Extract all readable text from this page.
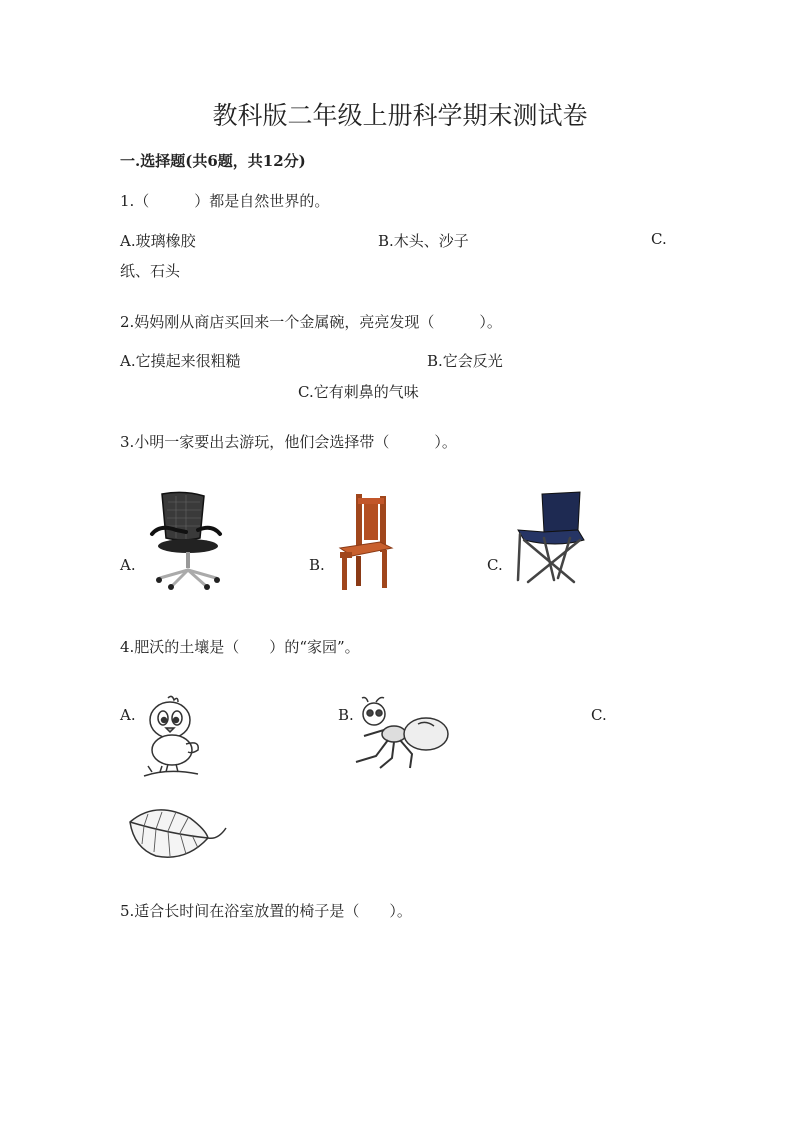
教科版二年级上册科学期末测试卷
一.选择题(共6题，共12分)
1.（　　　）都是自然世界的。
A.玻璃橡胶	B.木头、沙子	C.
纸、石头
2.妈妈刚从商店买回来一个金属碗，亮亮发现（　　　）。
A.它摸起来很粗糙	B.它会反光
C.它有刺鼻的气味
3.小明一家要出去游玩，他们会选择带（　　　）。
A.	B.	C.
4.肥沃的土壤是（　　）的“家园”。
A.	B.	C.
5.适合长时间在浴室放置的椅子是（　　）。
